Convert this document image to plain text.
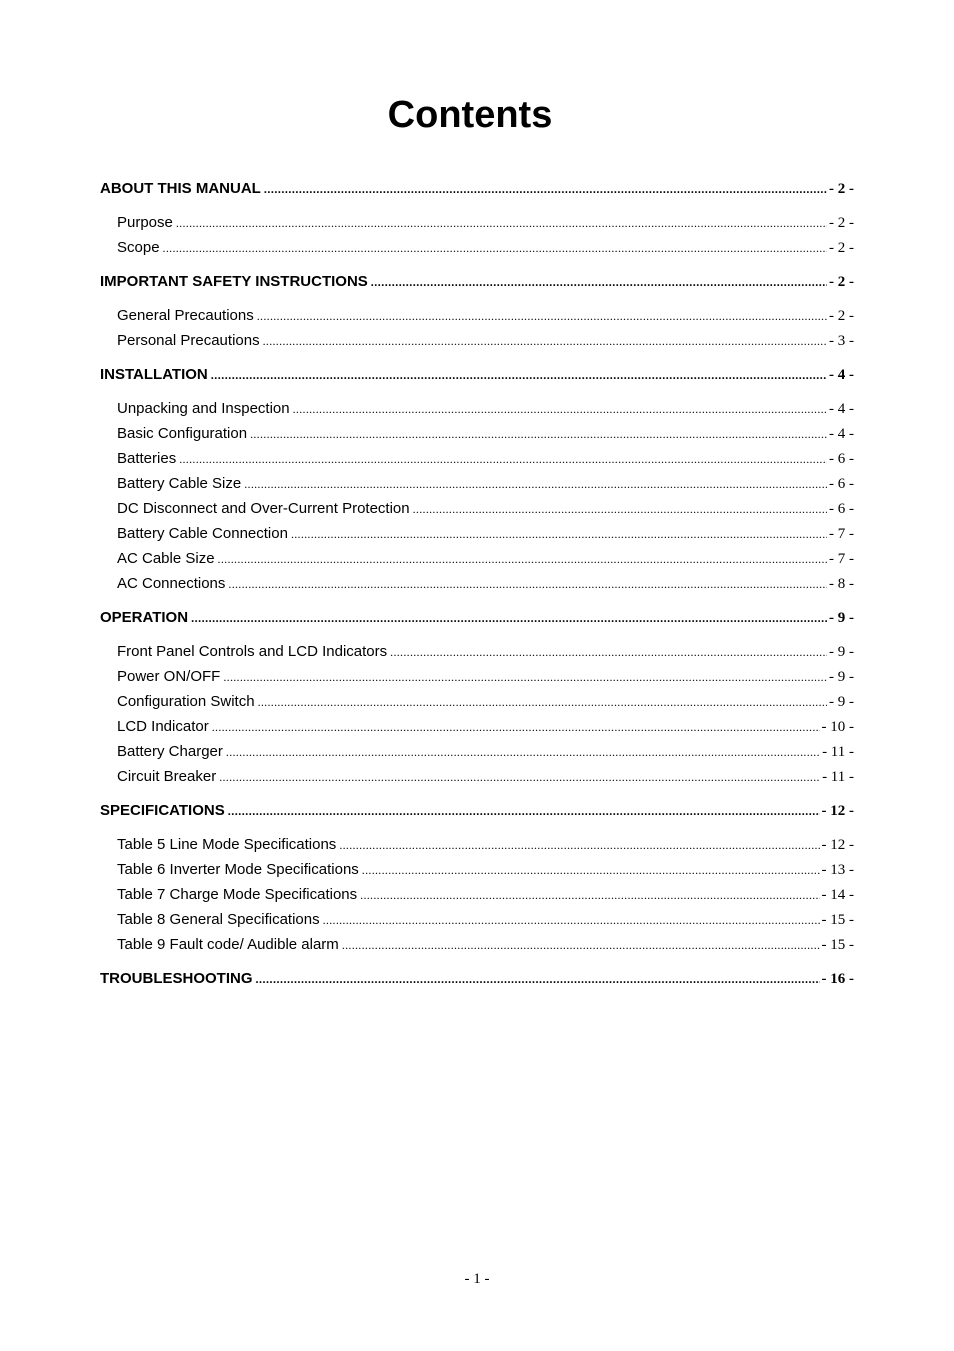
Contents
ABOUT THIS MANUAL .....	- 2 -
Purpose .....	- 2 -
Scope .....	- 2 -
IMPORTANT SAFETY INSTRUCTIONS .....	- 2 -
General Precautions .....	- 2 -
Personal Precautions .....	- 3 -
INSTALLATION .....	- 4 -
Unpacking and Inspection .....	- 4 -
Basic Configuration .....	- 4 -
Batteries .....	- 6 -
Battery Cable Size .....	- 6 -
DC Disconnect and Over-Current Protection .....	- 6 -
Battery Cable Connection .....	- 7 -
AC Cable Size .....	- 7 -
AC Connections .....	- 8 -
OPERATION .....	- 9 -
Front Panel Controls and LCD Indicators .....	- 9 -
Power ON/OFF .....	- 9 -
Configuration Switch .....	- 9 -
LCD Indicator .....	- 10 -
Battery Charger .....	- 11 -
Circuit Breaker .....	- 11 -
SPECIFICATIONS .....	- 12 -
Table 5 Line Mode Specifications .....	- 12 -
Table 6 Inverter Mode Specifications .....	- 13 -
Table 7 Charge Mode Specifications .....	- 14 -
Table 8 General Specifications .....	- 15 -
Table 9 Fault code/ Audible alarm .....	- 15 -
TROUBLESHOOTING .....	- 16 -
- 1 -
